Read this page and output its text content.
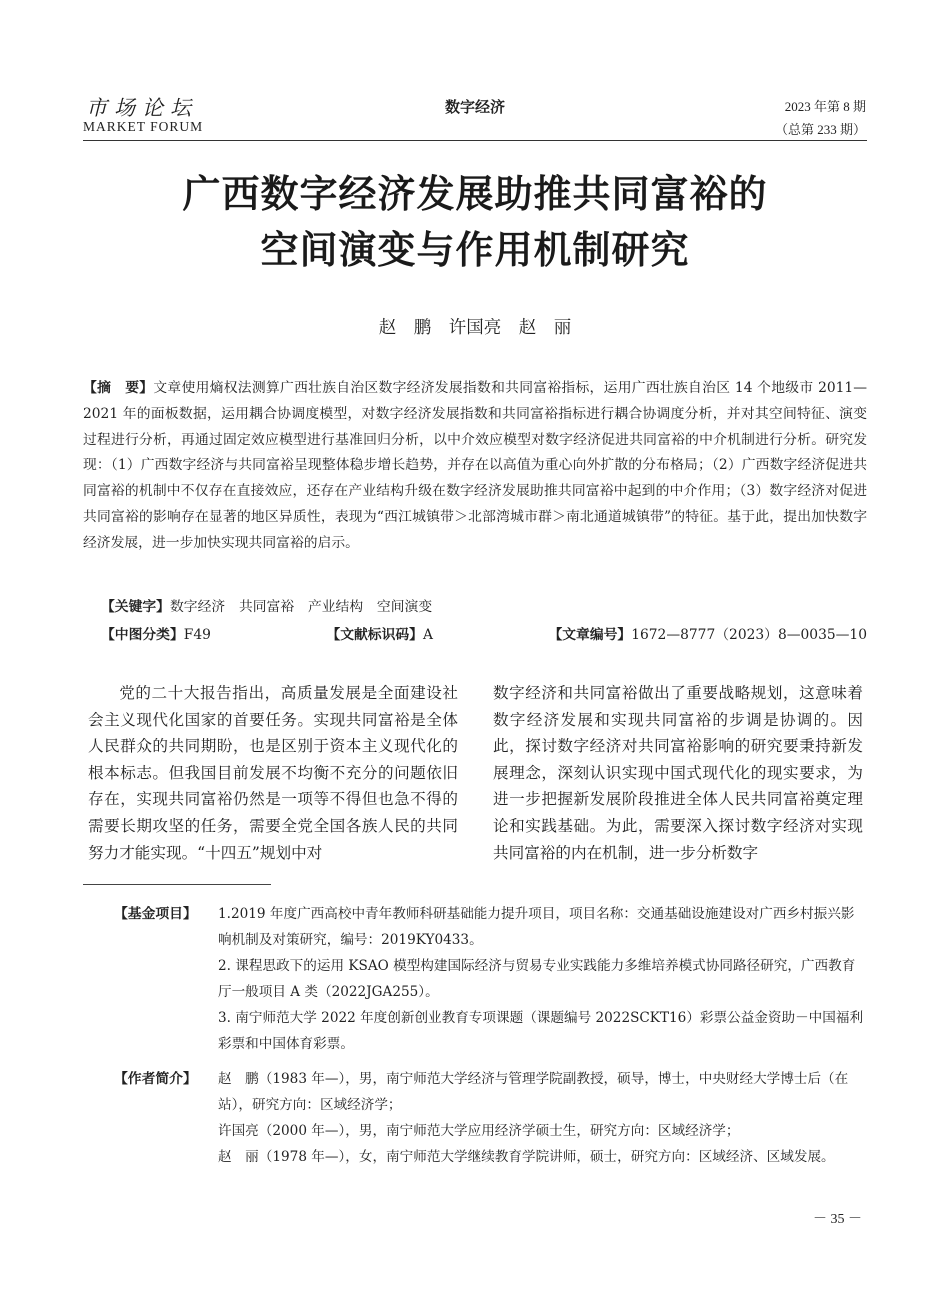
市场论坛
MARKET FORUM
数字经济	2023 年第 8 期
（总第 233 期）
广西数字经济发展助推共同富裕的
空间演变与作用机制研究
赵　鹏　许国亮　赵　丽
【摘　要】文章使用熵权法测算广西壮族自治区数字经济发展指数和共同富裕指标，运用广西壮族自治区 14 个地级市 2011—2021 年的面板数据，运用耦合协调度模型，对数字经济发展指数和共同富裕指标进行耦合协调度分析，并对其空间特征、演变过程进行分析，再通过固定效应模型进行基准回归分析，以中介效应模型对数字经济促进共同富裕的中介机制进行分析。研究发现：（1）广西数字经济与共同富裕呈现整体稳步增长趋势，并存在以高值为重心向外扩散的分布格局；（2）广西数字经济促进共同富裕的机制中不仅存在直接效应，还存在产业结构升级在数字经济发展助推共同富裕中起到的中介作用；（3）数字经济对促进共同富裕的影响存在显著的地区异质性，表现为“西江城镇带＞北部湾城市群＞南北通道城镇带”的特征。基于此，提出加快数字经济发展，进一步加快实现共同富裕的启示。
【关键字】数字经济　共同富裕　产业结构　空间演变
【中图分类】F49	【文献标识码】A	【文章编号】1672—8777（2023）8—0035—10

党的二十大报告指出，高质量发展是全面建设社会主义现代化国家的首要任务。实现共同富裕是全体人民群众的共同期盼，也是区别于资本主义现代化的根本标志。但我国目前发展不均衡不充分的问题依旧存在，实现共同富裕仍然是一项等不得但也急不得的需要长期攻坚的任务，需要全党全国各族人民的共同努力才能实现。“十四五”规划中对

数字经济和共同富裕做出了重要战略规划，这意味着数字经济发展和实现共同富裕的步调是协调的。因此，探讨数字经济对共同富裕影响的研究要秉持新发展理念，深刻认识实现中国式现代化的现实要求，为进一步把握新发展阶段推进全体人民共同富裕奠定理论和实践基础。为此，需要深入探讨数字经济对实现共同富裕的内在机制，进一步分析数字

【基金项目】	1.2019 年度广西高校中青年教师科研基础能力提升项目，项目名称：交通基础设施建设对广西乡村振兴影响机制及对策研究，编号：2019KY0433。

2. 课程思政下的运用 KSAO 模型构建国际经济与贸易专业实践能力多维培养模式协同路径研究，广西教育厅一般项目 A 类（2022JGA255）。

3. 南宁师范大学 2022 年度创新创业教育专项课题（课题编号 2022SCKT16）彩票公益金资助－中国福利彩票和中国体育彩票。

【作者简介】	赵　鹏（1983 年—），男，南宁师范大学经济与管理学院副教授，硕导，博士，中央财经大学博士后（在站），研究方向：区域经济学；

许国亮（2000 年—），男，南宁师范大学应用经济学硕士生，研究方向：区域经济学；

赵　丽（1978 年—），女，南宁师范大学继续教育学院讲师，硕士，研究方向：区域经济、区域发展。

－ 35 －
